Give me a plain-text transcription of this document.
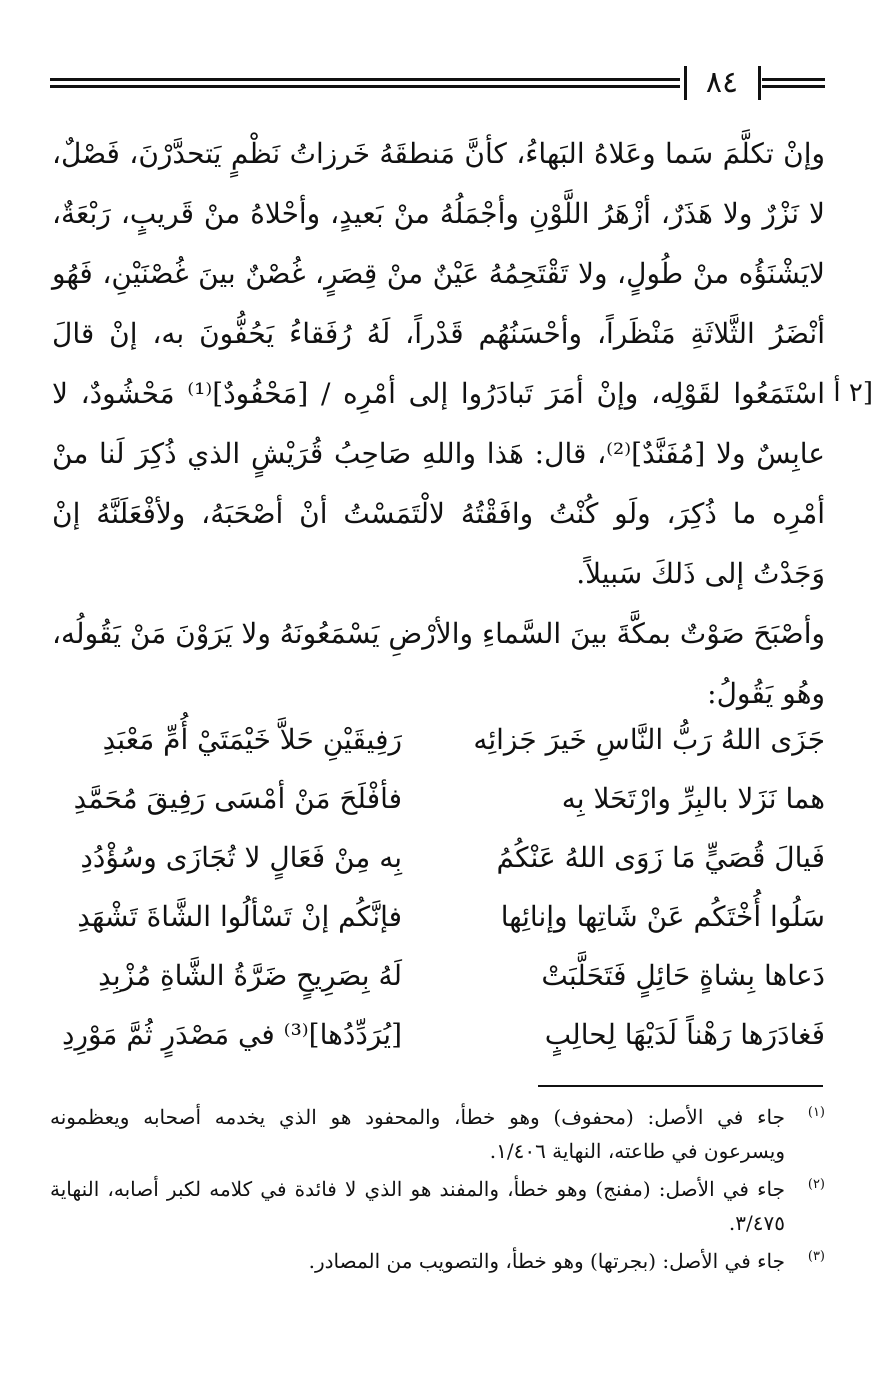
٨٤
٢ أ]

وإنْ تكلَّمَ سَما وعَلاهُ البَهاءُ، كأنَّ مَنطقَهُ خَرزاتُ نَظْمٍ يَتحدَّرْنَ، فَصْلٌ، لا نَزْرٌ ولا هَذَرٌ، أزْهَرُ اللَّوْنِ وأجْمَلُهُ منْ بَعيدٍ، وأحْلاهُ منْ قَريبٍ، رَبْعَةٌ، لايَشْنَؤُه منْ طُولٍ، ولا تَقْتَحِمُهُ عَيْنٌ منْ قِصَرٍ، غُصْنٌ بينَ غُصْنَيْنِ، فَهُو أنْضَرُ الثَّلاثَةِ مَنْظَراً، وأحْسَنُهُم قَدْراً، لَهُ رُفَقاءُ يَحُفُّونَ به، إنْ قالَ اسْتَمَعُوا لقَوْلِه، وإنْ أمَرَ تَبادَرُوا إلى أمْرِه / [مَحْفُودٌ]⁽¹⁾ مَحْشُودٌ، لا عابِسٌ ولا [مُفَنَّدٌ]⁽²⁾، قال: هَذا واللهِ صَاحِبُ قُرَيْشٍ الذي ذُكِرَ لَنا منْ أمْرِه ما ذُكِرَ، ولَو كُنْتُ وافَقْتُهُ لالْتَمَسْتُ أنْ أصْحَبَهُ، ولأفْعَلَنَّهُ إنْ وَجَدْتُ إلى ذَلكَ سَبيلاً.

وأصْبَحَ صَوْتٌ بمكَّةَ بينَ السَّماءِ والأرْضِ يَسْمَعُونَهُ ولا يَرَوْنَ مَنْ يَقُولُه، وهُو يَقُولُ:

جَزَى اللهُ رَبُّ النَّاسِ خَيرَ جَزائِه
رَفِيقَيْنِ حَلاَّ خَيْمَتَيْ أُمِّ مَعْبَدِ
هما نَزَلا بالبِرِّ وارْتَحَلا بِه
فأفْلَحَ مَنْ أمْسَى رَفِيقَ مُحَمَّدِ
فَيالَ قُصَيٍّ مَا زَوَى اللهُ عَنْكُمُ
بِه مِنْ فَعَالٍ لا تُجَازَى وسُؤْدُدِ
سَلُوا أُخْتَكُم عَنْ شَاتِها وإنائِها
فإنَّكُم إنْ تَسْألُوا الشَّاةَ تَشْهَدِ
دَعاها بِشاةٍ حَائِلٍ فَتَحَلَّبَتْ
لَهُ بِصَرِيحٍ ضَرَّةُ الشَّاةِ مُزْبِدِ
فَغادَرَها رَهْناً لَدَيْهَا لِحالِبٍ
[يُرَدِّدُها]⁽³⁾ في مَصْدَرٍ ثُمَّ مَوْرِدِ
(١)
جاء في الأصل: (محفوف) وهو خطأ، والمحفود هو الذي يخدمه أصحابه ويعظمونه ويسرعون في طاعته، النهاية ١/٤٠٦.
(٢)
جاء في الأصل: (مفنج) وهو خطأ، والمفند هو الذي لا فائدة في كلامه لكبر أصابه، النهاية ٣/٤٧٥.
(٣)
جاء في الأصل: (بجرتها) وهو خطأ، والتصويب من المصادر.
